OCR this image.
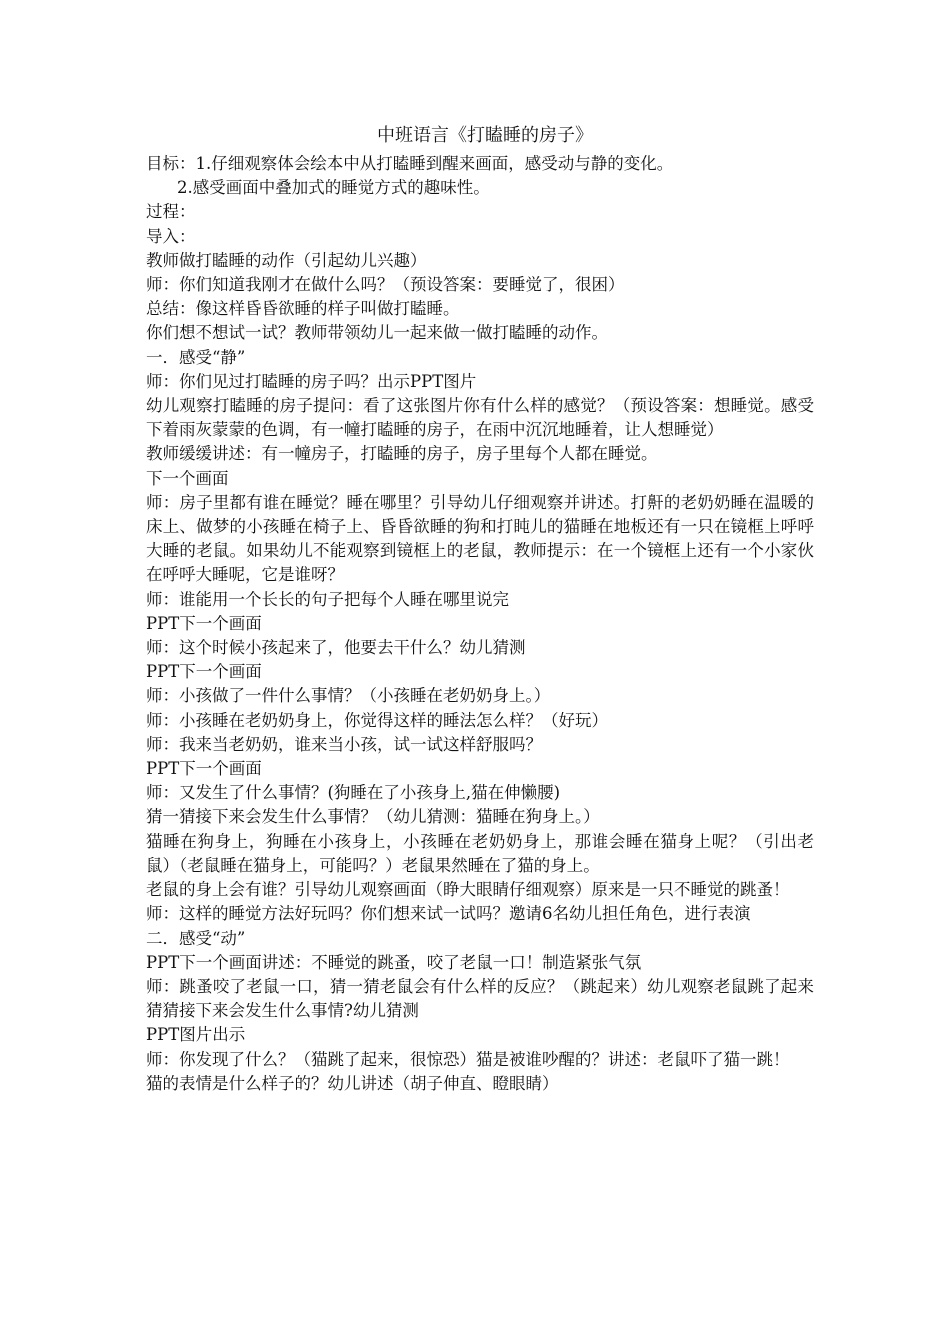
中班语言《打瞌睡的房子》

目标：1.仔细观察体会绘本中从打瞌睡到醒来画面，感受动与静的变化。

2.感受画面中叠加式的睡觉方式的趣味性。

过程：

导入：

教师做打瞌睡的动作（引起幼儿兴趣）

师：你们知道我刚才在做什么吗？（预设答案：要睡觉了，很困）

总结：像这样昏昏欲睡的样子叫做打瞌睡。

你们想不想试一试？教师带领幼儿一起来做一做打瞌睡的动作。

一．感受“静”

师：你们见过打瞌睡的房子吗？出示PPT图片

幼儿观察打瞌睡的房子提问：看了这张图片你有什么样的感觉？（预设答案：想睡觉。感受下着雨灰蒙蒙的色调，有一幢打瞌睡的房子，在雨中沉沉地睡着，让人想睡觉）

教师缓缓讲述：有一幢房子，打瞌睡的房子，房子里每个人都在睡觉。

下一个画面

师：房子里都有谁在睡觉？睡在哪里？引导幼儿仔细观察并讲述。打鼾的老奶奶睡在温暖的床上、做梦的小孩睡在椅子上、昏昏欲睡的狗和打盹儿的猫睡在地板还有一只在镜框上呼呼大睡的老鼠。如果幼儿不能观察到镜框上的老鼠，教师提示：在一个镜框上还有一个小家伙在呼呼大睡呢，它是谁呀？

师：谁能用一个长长的句子把每个人睡在哪里说完

PPT下一个画面

师：这个时候小孩起来了，他要去干什么？幼儿猜测

PPT下一个画面

师：小孩做了一件什么事情？（小孩睡在老奶奶身上。）

师：小孩睡在老奶奶身上，你觉得这样的睡法怎么样？（好玩）

师：我来当老奶奶，谁来当小孩，试一试这样舒服吗？

PPT下一个画面

师：又发生了什么事情？(狗睡在了小孩身上,猫在伸懒腰)

猜一猜接下来会发生什么事情？（幼儿猜测：猫睡在狗身上。）

猫睡在狗身上，狗睡在小孩身上，小孩睡在老奶奶身上，那谁会睡在猫身上呢？（引出老鼠）（老鼠睡在猫身上，可能吗？）老鼠果然睡在了猫的身上。

老鼠的身上会有谁？引导幼儿观察画面（睁大眼睛仔细观察）原来是一只不睡觉的跳蚤！

师：这样的睡觉方法好玩吗？你们想来试一试吗？邀请6名幼儿担任角色，进行表演

二．感受“动”

PPT下一个画面讲述：不睡觉的跳蚤，咬了老鼠一口！制造紧张气氛

师：跳蚤咬了老鼠一口，猜一猜老鼠会有什么样的反应？（跳起来）幼儿观察老鼠跳了起来 猜猜接下来会发生什么事情?幼儿猜测

PPT图片出示

师：你发现了什么？（猫跳了起来，很惊恐）猫是被谁吵醒的？讲述：老鼠吓了猫一跳！

猫的表情是什么样子的？幼儿讲述（胡子伸直、瞪眼睛）
